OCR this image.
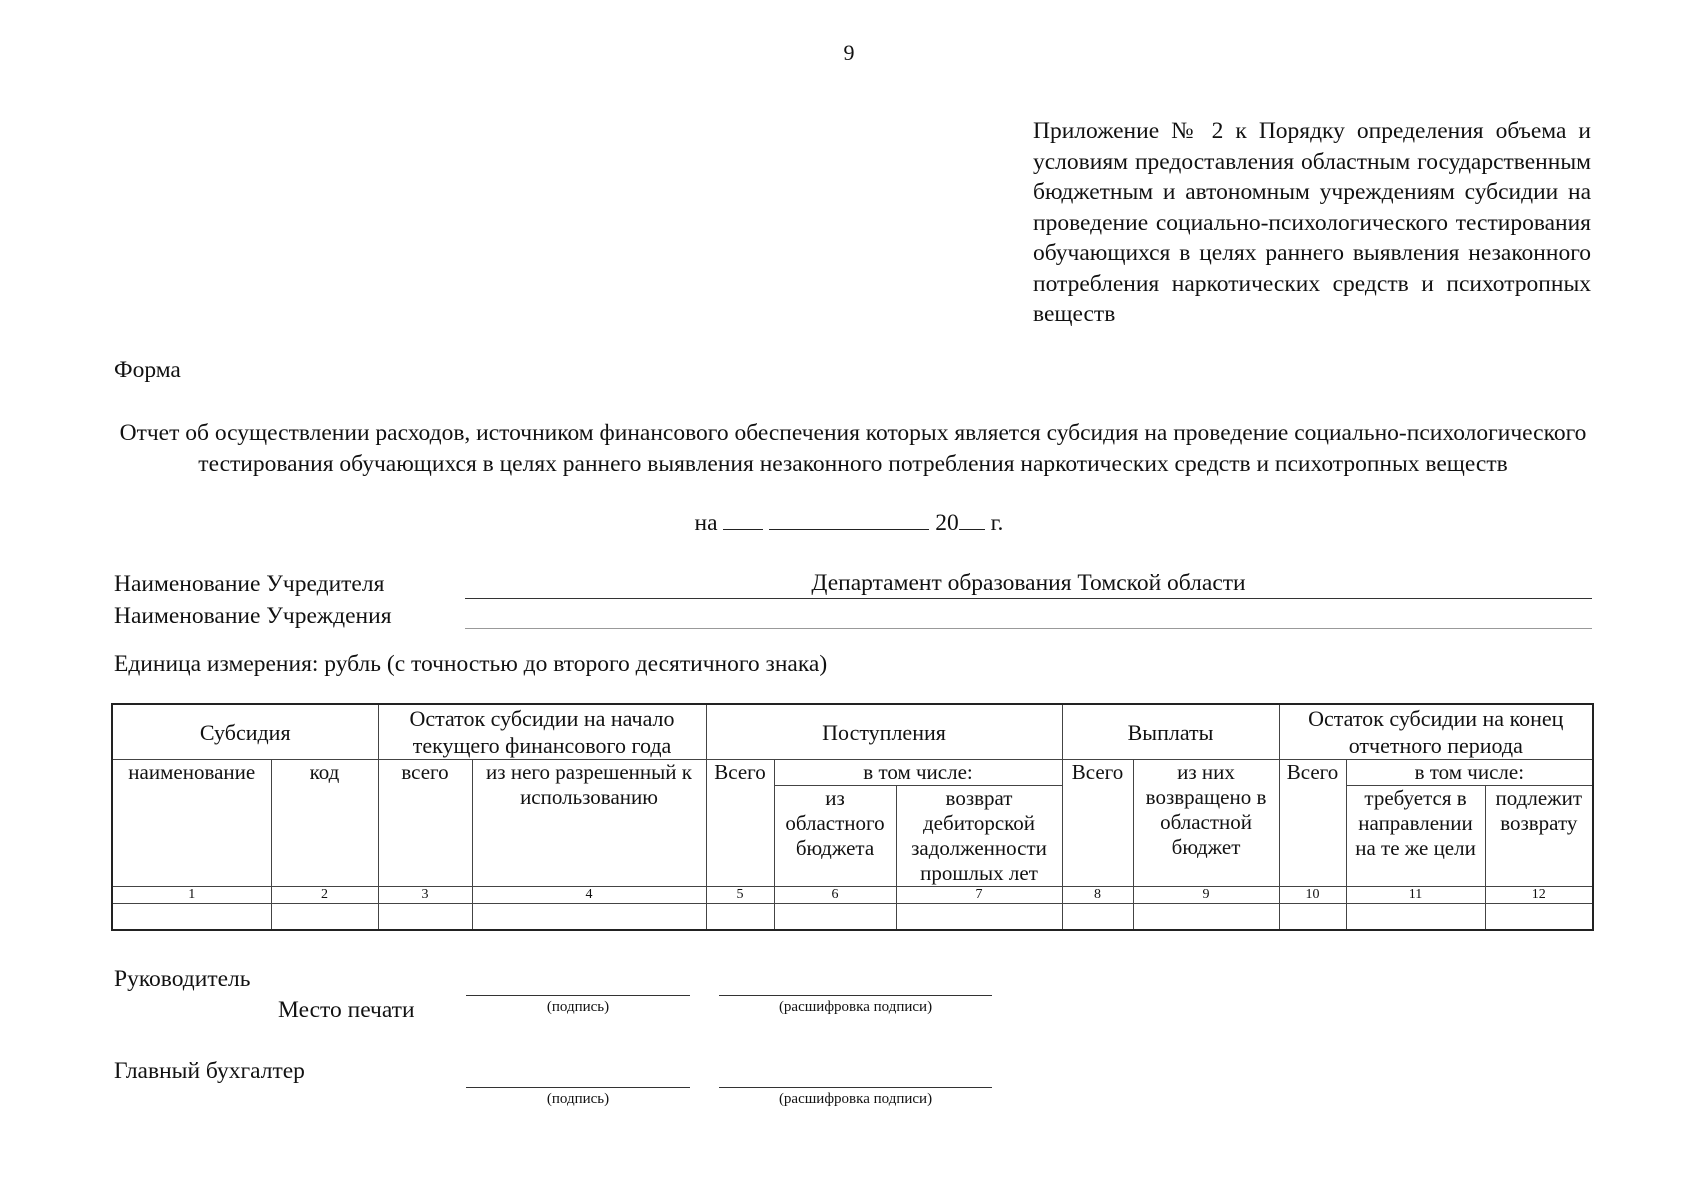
9
Приложение № 2 к Порядку определения объема и условиям предоставления областным государственным бюджетным и автономным учреждениям субсидии на проведение социально-психологического тестирования обучающихся в целях раннего выявления незаконного потребления наркотических средств и психотропных веществ
Форма
Отчет об осуществлении расходов, источником финансового обеспечения которых является субсидия на проведение социально-психологического тестирования обучающихся в целях раннего выявления незаконного потребления наркотических средств и психотропных веществ
на	20 г.
Наименование Учредителя	Департамент образования Томской области
Наименование Учреждения
Единица измерения: рубль (с точностью до второго десятичного знака)
Субсидия		Остаток субсидии на начало текущего финансового года		Поступления			Выплаты		Остаток субсидии на конец отчетного периода		
наименование	код	всего	из него разрешенный к использованию	Всего	в том числе:		Всего	из них возвращено в областной бюджет	Всего	в том числе:	
					из областного бюджета	возврат дебиторской задолженности прошлых лет				требуется в направлении на те же цели	подлежит возврату
1	2	3	4	5	6	7	8	9	10	11	12

Руководитель
Место печати	(подпись)	(расшифровка подписи)
Главный бухгалтер
(подпись)	(расшифровка подписи)
